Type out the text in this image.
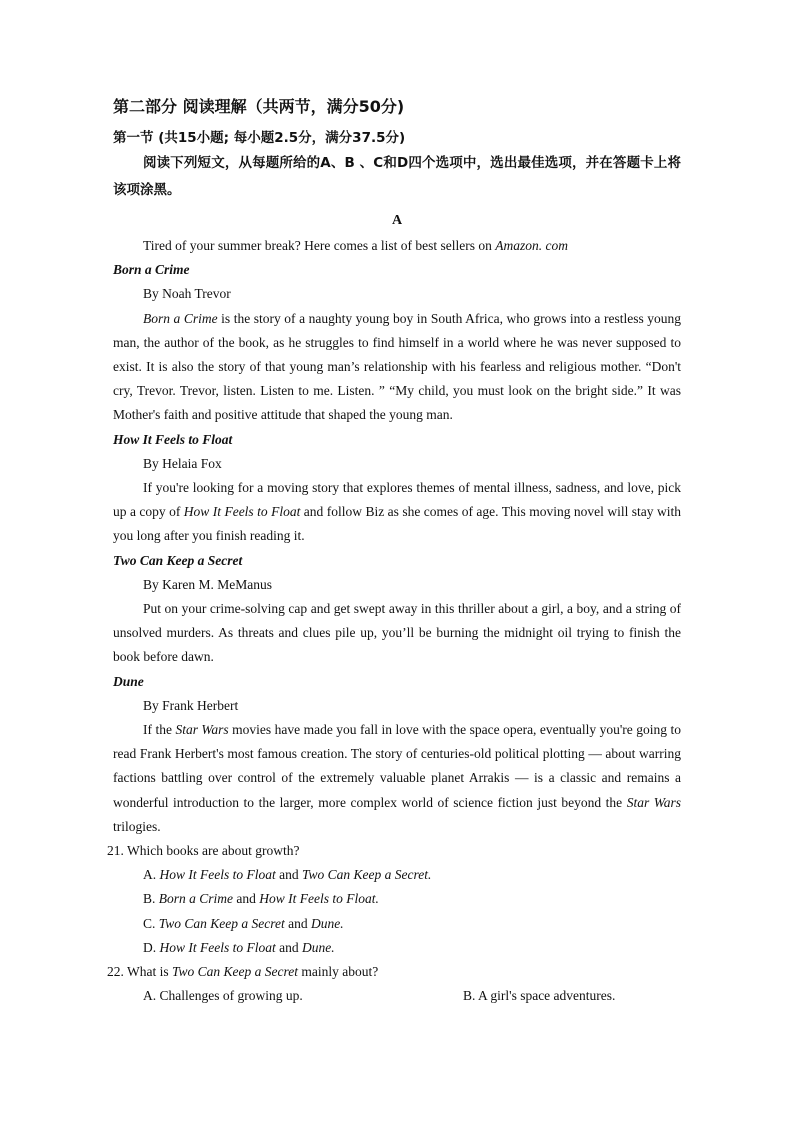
第二部分 阅读理解（共两节，满分50分)
第一节 (共15小题; 每小题2.5分，满分37.5分)
阅读下列短文，从每题所给的A、B 、C和D四个选项中，选出最佳选项，并在答题卡上将该项涂黑。
A

Tired of your summer break? Here comes a list of best sellers on Amazon. com

Born a Crime

By Noah Trevor

Born a Crime is the story of a naughty young boy in South Africa, who grows into a restless young man, the author of the book, as he struggles to find himself in a world where he was never supposed to exist. It is also the story of that young man’s relationship with his fearless and religious mother. “Don't cry, Trevor. Trevor, listen. Listen to me. Listen. ” “My child, you must look on the bright side.” It was Mother's faith and positive attitude that shaped the young man.

How It Feels to Float

By Helaia Fox

If you're looking for a moving story that explores themes of mental illness, sadness, and love, pick up a copy of How It Feels to Float and follow Biz as she comes of age. This moving novel will stay with you long after you finish reading it.

Two Can Keep a Secret

By Karen M. MeManus

Put on your crime-solving cap and get swept away in this thriller about a girl, a boy, and a string of unsolved murders. As threats and clues pile up, you’ll be burning the midnight oil trying to finish the book before dawn.

Dune

By Frank Herbert

If the Star Wars movies have made you fall in love with the space opera, eventually you're going to read Frank Herbert's most famous creation. The story of centuries-old political plotting — about warring factions battling over control of the extremely valuable planet Arrakis — is a classic and remains a wonderful introduction to the larger, more complex world of science fiction just beyond the Star Wars trilogies.

21. Which books are about growth?

A. How It Feels to Float and Two Can Keep a Secret.

B. Born a Crime and How It Feels to Float.

C. Two Can Keep a Secret and Dune.

D. How It Feels to Float and Dune.

22. What is Two Can Keep a Secret mainly about?

A. Challenges of growing up.	B. A girl's space adventures.
